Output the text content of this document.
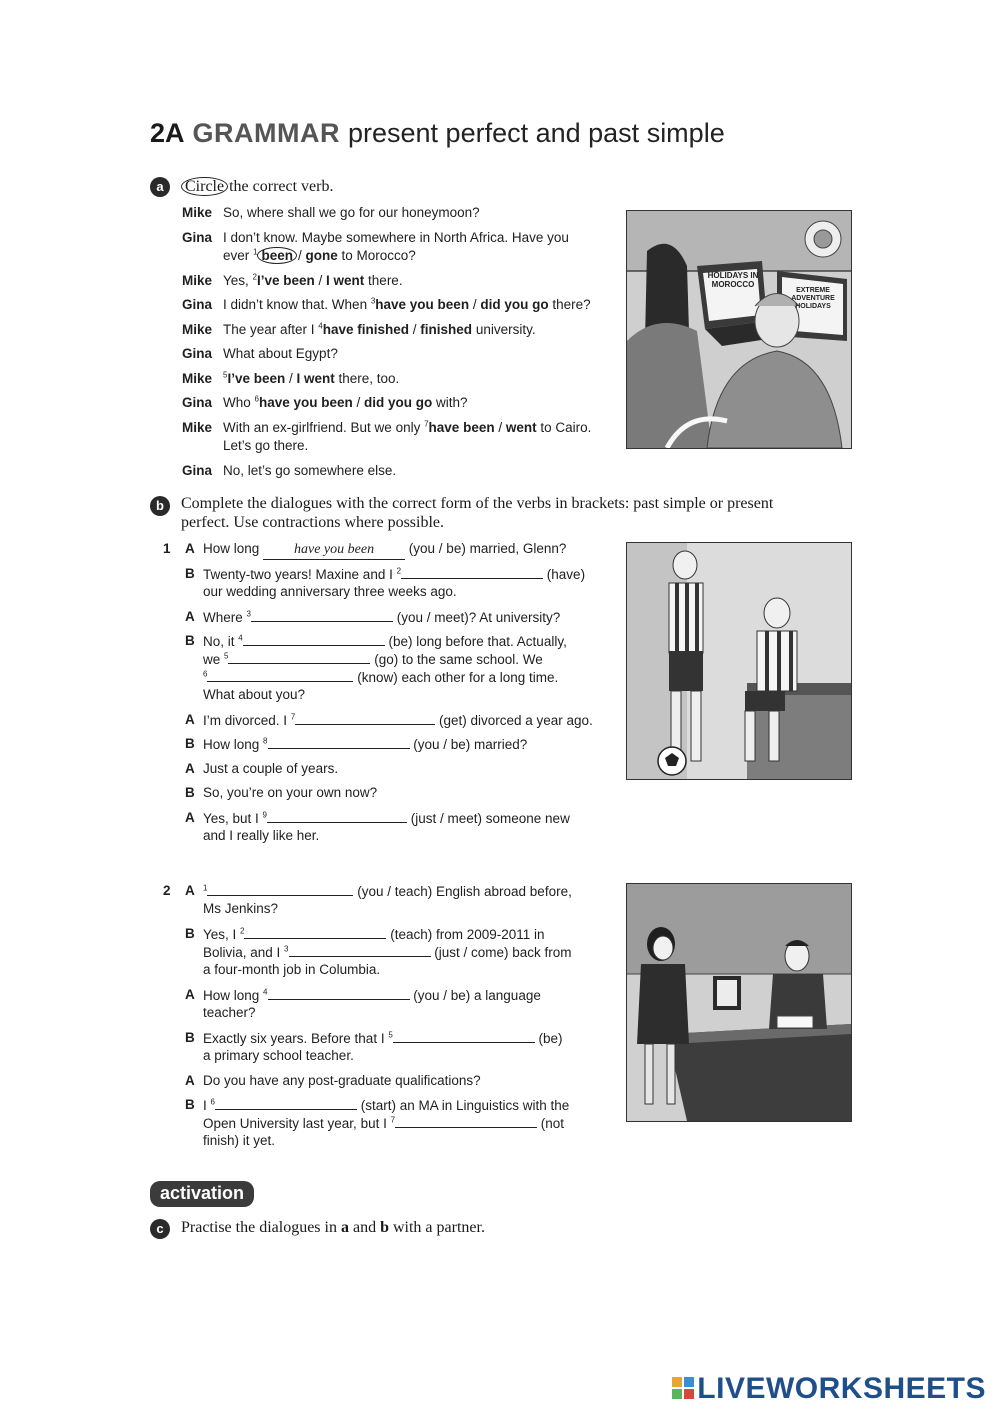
2A GRAMMAR present perfect and past simple
a	Circle the correct verb.
Mike So, where shall we go for our honeymoon?
Gina I don’t know. Maybe somewhere in North Africa. Have you
ever $^1$ been / gone to Morocco?
Mike Yes, $^2$I’ve been / I went there.
Gina I didn’t know that. When $^3$have you been / did you go there?
Mike The year after I $^4$have finished / finished university.
Gina What about Egypt?
Mike $^5$I’ve been / I went there, too.
Gina Who $^6$have you been / did you go with?
Mike With an ex-girlfriend. But we only $^7$have been / went to Cairo.
Let’s go there.
Gina No, let’s go somewhere else.
HOLIDAYS IN MOROCCO
EXTREME ADVENTURE HOLIDAYS
b	Complete the dialogues with the correct form of the verbs in brackets: past simple or present
perfect. Use contractions where possible.
1 A How long have you been (you / be) married, Glenn?
B Twenty-two years! Maxine and I $^2$	(have)
our wedding anniversary three weeks ago.
A Where $^3$	(you / meet)? At university?
B No, it $^4$	(be) long before that. Actually,
we $^5$	(go) to the same school. We
$^6$	(know) each other for a long time.
What about you?
A I’m divorced. I $^7$	(get) divorced a year ago.
B How long $^8$	(you / be) married?
A Just a couple of years.
B So, you’re on your own now?
A Yes, but I $^9$	(just / meet) someone new
and I really like her.
2 A $^1$	(you / teach) English abroad before,
Ms Jenkins?
B Yes, I $^2$	(teach) from 2009-2011 in
Bolivia, and I $^3$	(just / come) back from
a four-month job in Columbia.
A How long $^4$	(you / be) a language
teacher?
B Exactly six years. Before that I $^5$	(be)
a primary school teacher.
A Do you have any post-graduate qualifications?
B I $^6$	(start) an MA in Linguistics with the
Open University last year, but I $^7$	(not
finish) it yet.
activation
c	Practise the dialogues in a and b with a partner.
LIVEWORKSHEETS
